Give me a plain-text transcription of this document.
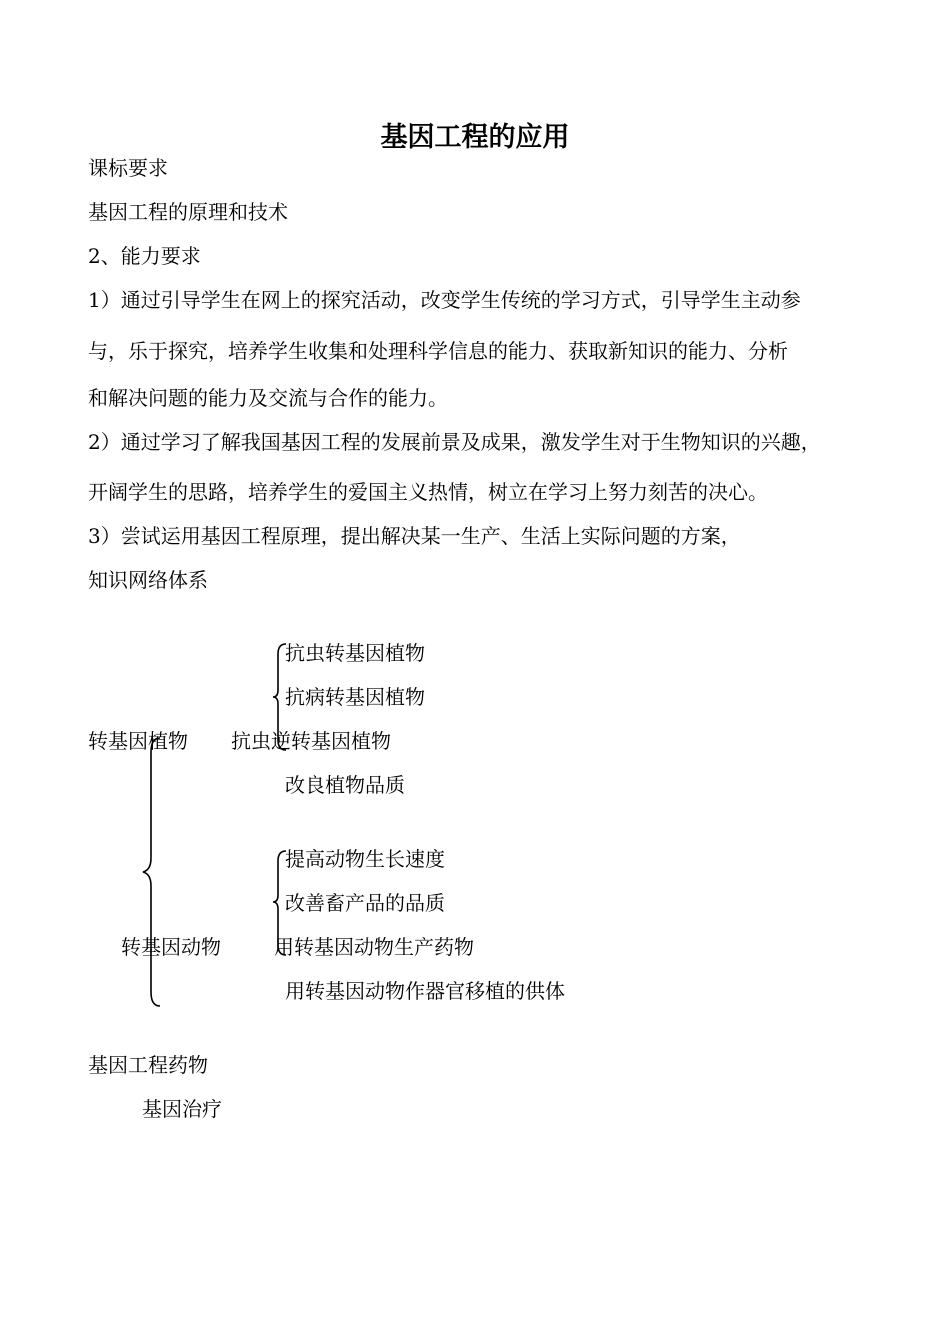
基因工程的应用
课标要求
基因工程的原理和技术
2、能力要求
1）通过引导学生在网上的探究活动，改变学生传统的学习方式，引导学生主动参
与，乐于探究，培养学生收集和处理科学信息的能力、获取新知识的能力、分析
和解决问题的能力及交流与合作的能力。
2）通过学习了解我国基因工程的发展前景及成果，激发学生对于生物知识的兴趣，
开阔学生的思路，培养学生的爱国主义热情，树立在学习上努力刻苦的决心。
3）尝试运用基因工程原理，提出解决某一生产、生活上实际问题的方案，
知识网络体系
抗虫转基因植物
抗病转基因植物
转基因植物 抗虫逆转基因植物
改良植物品质
提高动物生长速度
改善畜产品的品质
转基因动物	用转基因动物生产药物
用转基因动物作器官移植的供体
基因工程药物
基因治疗
